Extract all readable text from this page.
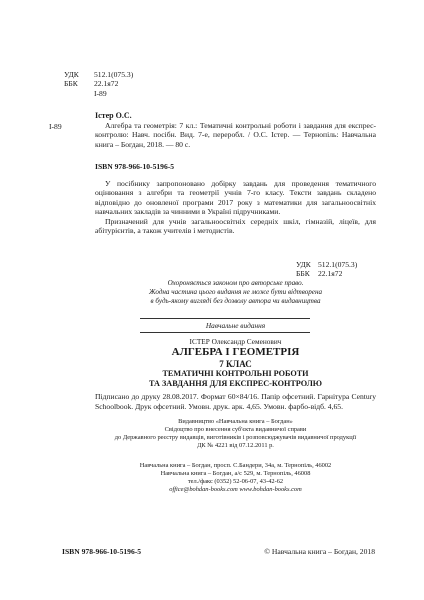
УДК	512.1(075.3)
ББК	22.1я72
І-89
Істер О.С.
І-89	Алгебра та геометрія: 7 кл.: Тематичні контрольні роботи і завдання для експрес-контролю: Навч. посібн. Вид. 7-е, переробл. / О.С. Істер. — Тернопіль: Навчальна книга – Богдан, 2018. — 80 с.
ISBN 978-966-10-5196-5

У посібнику запропоновано добірку завдань для проведення тематичного оцінювання з алгебри та геометрії учнів 7-го класу. Тексти завдань складено відповідно до оновленої програми 2017 року з математики для загальноосвітніх навчальних закладів за чинними в Україні підручниками.

Призначений для учнів загальноосвітніх середніх шкіл, гімназій, ліцеїв, для абітурієнтів, а також учителів і методистів.

УДК 512.1(075.3)
ББК	22.1я72
Охороняється законом про авторське право.
Жодна частина цього видання не може бути відтворена
в будь-якому вигляді без дозволу автора чи видавництва
Навчальне видання
ІСТЕР Олександр Семенович
АЛГЕБРА І ГЕОМЕТРІЯ
7 КЛАС
ТЕМАТИЧНІ КОНТРОЛЬНІ РОБОТИ
ТА ЗАВДАННЯ ДЛЯ ЕКСПРЕС-КОНТРОЛЮ
Підписано до друку 28.08.2017. Формат 60×84/16. Папір офсетний. Гарнітура Century Schoolbook. Друк офсетний. Умовн. друк. арк. 4,65. Умовн. фарбо-відб. 4,65.
Видавництво «Навчальна книга – Богдан»
Свідоцтво про внесення суб'єкта видавничої справи
до Державного реєстру видавців, виготівників і розповсюджувачів видавничої продукції
ДК № 4221 від 07.12.2011 р.
Навчальна книга – Богдан, просп. С.Бандери, 34а, м. Тернопіль, 46002
Навчальна книга – Богдан, а/с 529, м. Тернопіль, 46008
тел./факс (0352) 52-06-07, 43-42-62
office@bohdan-books.com www.bohdan-books.com
ISBN 978-966-10-5196-5	© Навчальна книга – Богдан, 2018
